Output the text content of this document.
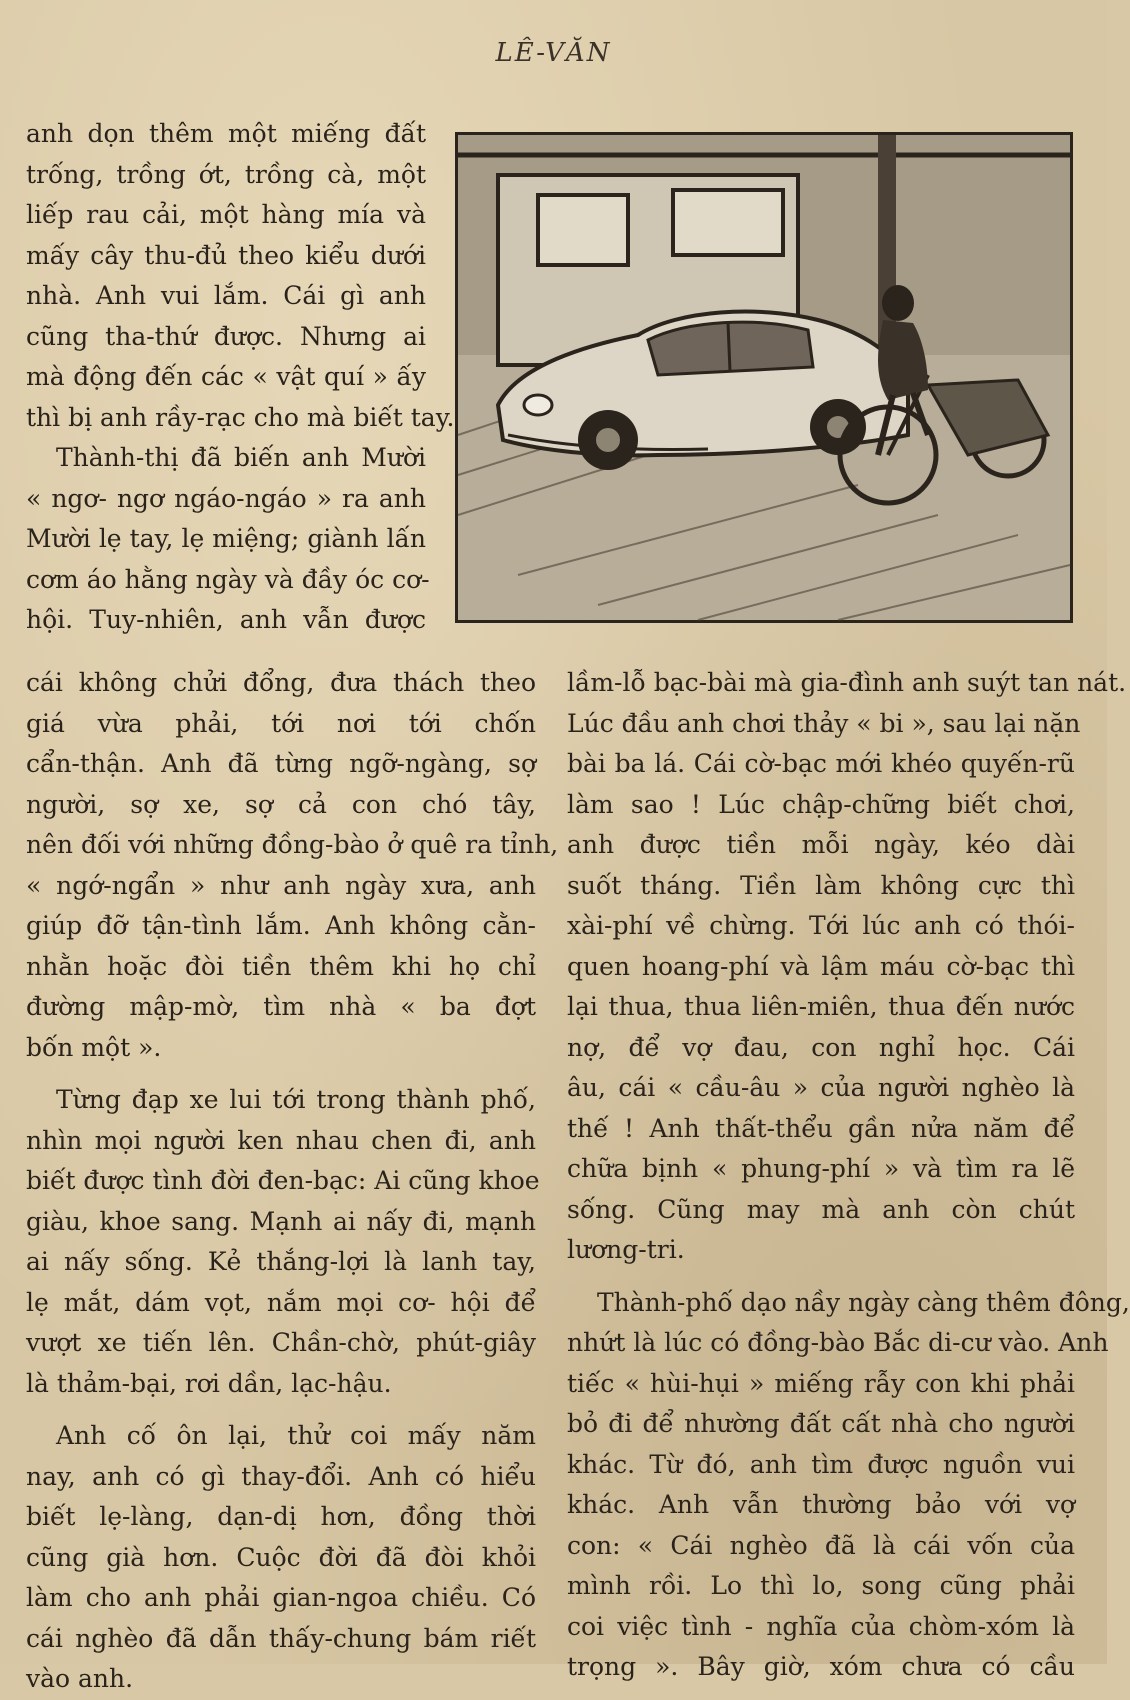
LÊ-VĂN
anh dọn thêm một miếng đất
trống, trồng ớt, trồng cà, một
liếp rau cải, một hàng mía và
mấy cây thu-đủ theo kiểu dưới
nhà. Anh vui lắm. Cái gì anh
cũng tha-thứ được. Nhưng ai
mà động đến các « vật quí » ấy
thì bị anh rầy-rạc cho mà biết tay.
Thành-thị đã biến anh Mười
« ngơ- ngơ ngáo-ngáo » ra anh
Mười lẹ tay, lẹ miệng; giành lấn
cơm áo hằng ngày và đầy óc cơ-
hội. Tuy-nhiên, anh vẫn được
cái không chửi đổng, đưa thách theo
giá vừa phải, tới nơi tới chốn
cẩn-thận. Anh đã từng ngỡ-ngàng, sợ
người, sợ xe, sợ cả con chó tây,
nên đối với những đồng-bào ở quê ra tỉnh,
« ngớ-ngẩn » như anh ngày xưa, anh
giúp đỡ tận-tình lắm. Anh không cằn-
nhằn hoặc đòi tiền thêm khi họ chỉ
đường mập-mờ, tìm nhà « ba đợt
bốn một ».
Từng đạp xe lui tới trong thành phố,
nhìn mọi người ken nhau chen đi, anh
biết được tình đời đen-bạc: Ai cũng khoe
giàu, khoe sang. Mạnh ai nấy đi, mạnh
ai nấy sống. Kẻ thắng-lợi là lanh tay,
lẹ mắt, dám vọt, nắm mọi cơ- hội để
vượt xe tiến lên. Chần-chờ, phút-giây
là thảm-bại, rơi dần, lạc-hậu.
Anh cố ôn lại, thử coi mấy năm
nay, anh có gì thay-đổi. Anh có hiểu
biết lẹ-làng, dạn-dị hơn, đồng thời
cũng già hơn. Cuộc đời đã đòi khỏi
làm cho anh phải gian-ngoa chiều. Có
cái nghèo đã dẫn thấy-chung bám riết
vào anh.
lầm-lỗ bạc-bài mà gia-đình anh suýt tan nát.
Lúc đầu anh chơi thảy « bi », sau lại nặn
bài ba lá. Cái cờ-bạc mới khéo quyến-rũ
làm sao ! Lúc chập-chững biết chơi,
anh được tiền mỗi ngày, kéo dài
suốt tháng. Tiền làm không cực thì
xài-phí về chừng. Tới lúc anh có thói-
quen hoang-phí và lậm máu cờ-bạc thì
lại thua, thua liên-miên, thua đến nước
nợ, để vợ đau, con nghỉ học. Cái
âu, cái « cầu-âu » của người nghèo là
thế ! Anh thất-thểu gần nửa năm để
chữa bịnh « phung-phí » và tìm ra lẽ
sống. Cũng may mà anh còn chút
lương-tri.
Thành-phố dạo nầy ngày càng thêm đông,
nhứt là lúc có đồng-bào Bắc di-cư vào. Anh
tiếc « hùi-hụi » miếng rẫy con khi phải
bỏ đi để nhường đất cất nhà cho người
khác. Từ đó, anh tìm được nguồn vui
khác. Anh vẫn thường bảo với vợ
con: « Cái nghèo đã là cái vốn của
mình rồi. Lo thì lo, song cũng phải
coi việc tình - nghĩa của chòm-xóm là
trọng ». Bây giờ, xóm chưa có cầu
